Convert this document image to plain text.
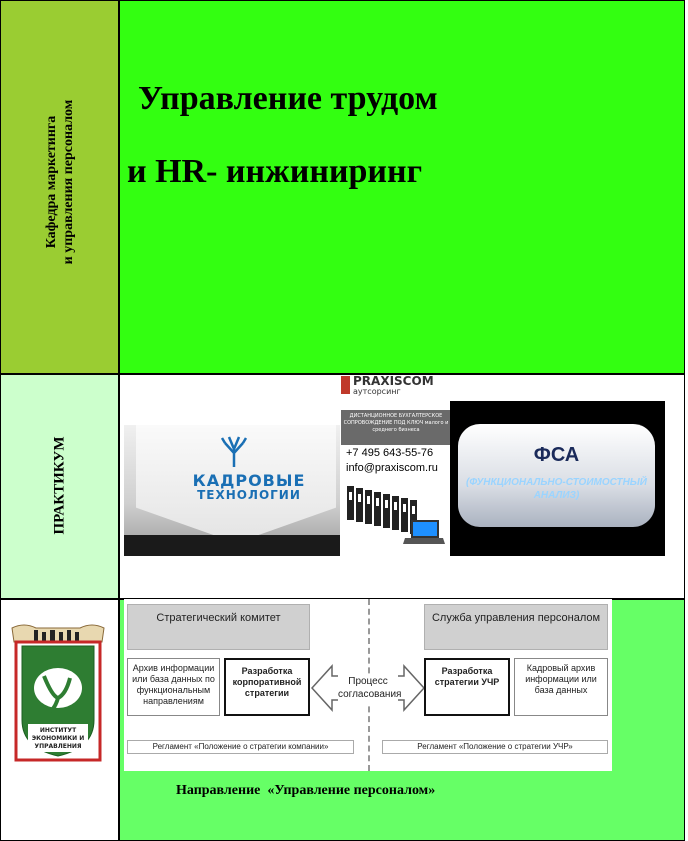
Кафедра маркетинга и управления персоналом
ПРАКТИКУМ
Управление трудом
и HR- инжиниринг
КАДРОВЫЕ
ТЕХНОЛОГИИ
PRAXISCOM
аутсорсинг
ДИСТАНЦИОННОЕ БУХГАЛТЕРСКОЕ СОПРОВОЖДЕНИЕ ПОД КЛЮЧ малого и среднего бизнеса
+7 495 643-55-76
info@praxiscom.ru
ФСА
(ФУНКЦИОНАЛЬНО-СТОИМОСТНЫЙ АНАЛИЗ)
ИНСТИТУТ
ЭКОНОМИКИ И
УПРАВЛЕНИЯ
Стратегический комитет	Служба управления персоналом
Архив информации или база данных по функциональным направлениям
Разработка корпоративной стратегии
Процесс согласования
Разработка стратегии УЧР
Кадровый архив информации или база данных
Регламент «Положение о стратегии компании»	Регламент «Положение о стратегии УЧР»
Направление  «Управление персоналом»
